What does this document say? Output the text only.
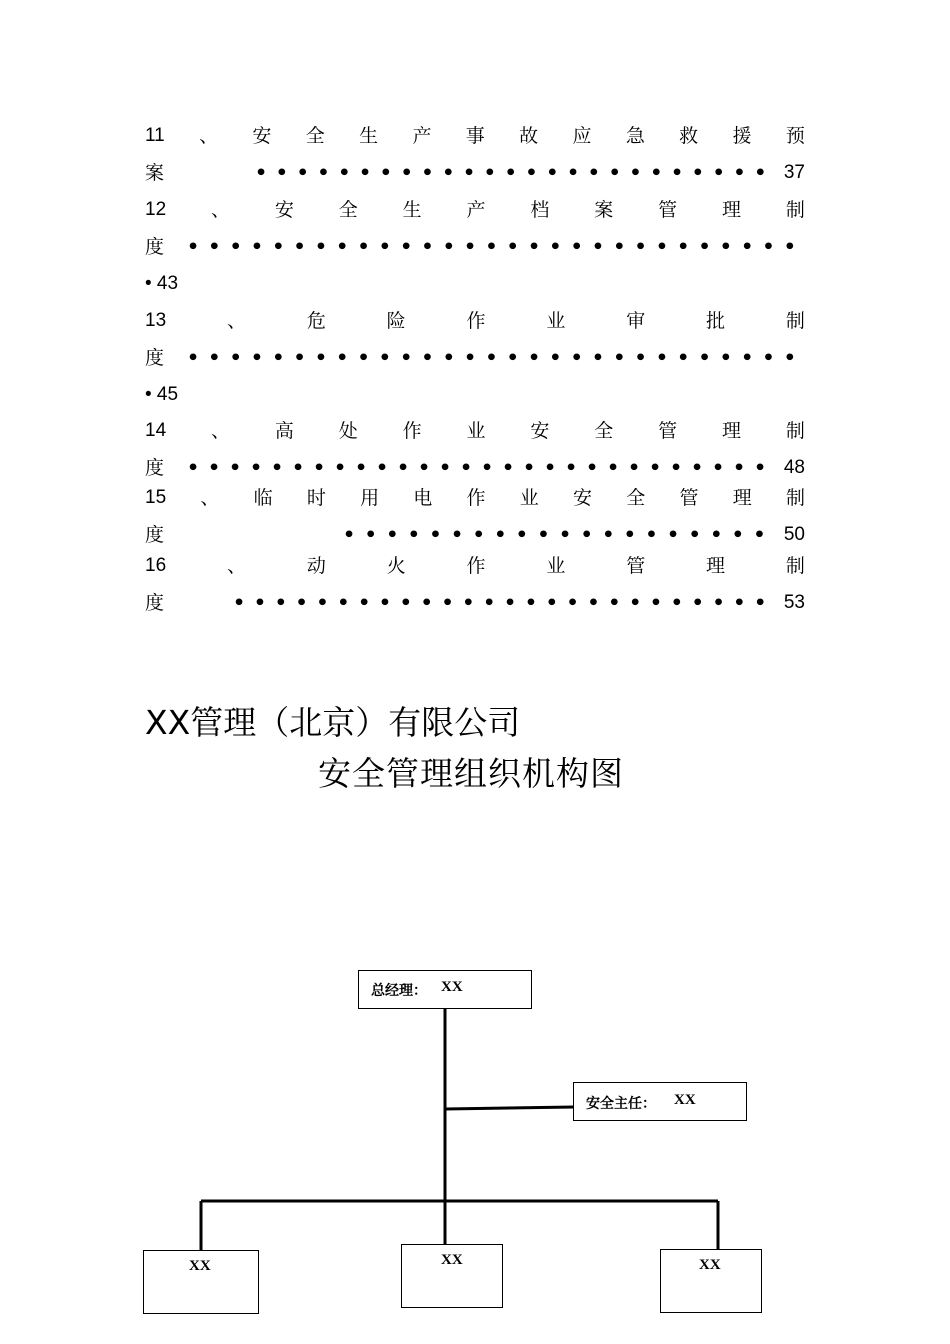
11 、 安 全 生 产 事 故 应 急 救 援 预
案	• • • • • • • • • • • • • • • • • • • • • • • • • 37
12 、 安 全 生 产 档 案 管 理 制
度 • • • • • • • • • • • • • • • • • • • • • • • • • • • • •
• 43
13	、	危	险	作	业	审	批	制
度 • • • • • • • • • • • • • • • • • • • • • • • • • • • • •
• 45
14 、 高 处 作 业 安 全 管 理 制
度 • • • • • • • • • • • • • • • • • • • • • • • • • • • • 48
15 、 临 时 用 电 作 业 安 全 管 理 制
度	• • • • • • • • • • • • • • • • • • • • 50
16	、	动	火	作	业	管	理	制
度	• • • • • • • • • • • • • • • • • • • • • • • • • • 53
XX管理（北京）有限公司
安全管理组织机构图
总经理： XX
安全主任： XX
XX	XX	XX
